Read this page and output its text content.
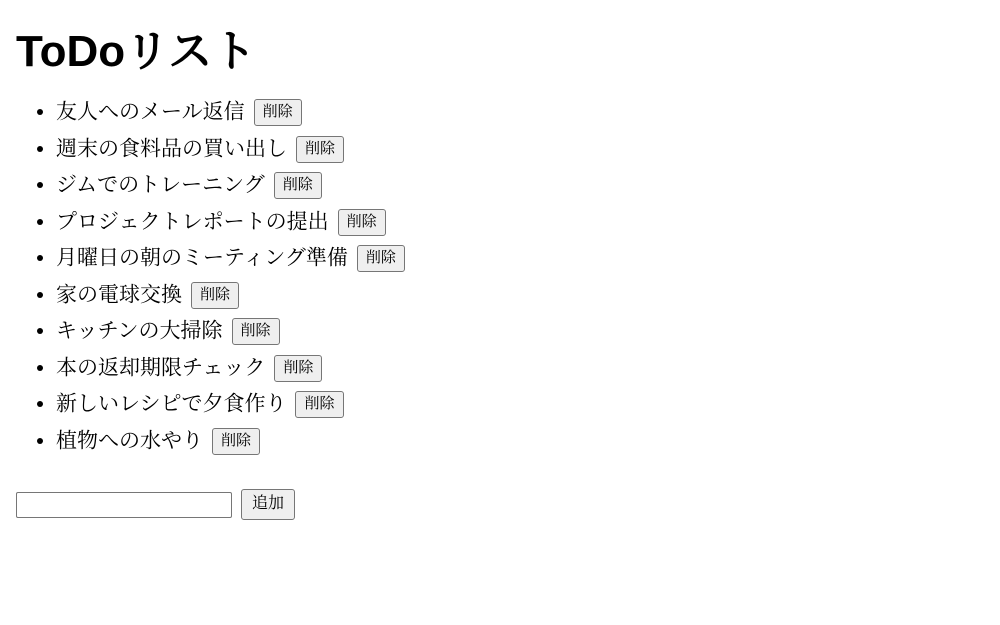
ToDoリスト
• 友人へのメール返信 削除
• 週末の食料品の買い出し 削除
• ジムでのトレーニング 削除
• プロジェクトレポートの提出 削除
• 月曜日の朝のミーティング準備 削除
• 家の電球交換 削除
• キッチンの大掃除 削除
• 本の返却期限チェック 削除
• 新しいレシピで夕食作り 削除
• 植物への水やり 削除
追加
